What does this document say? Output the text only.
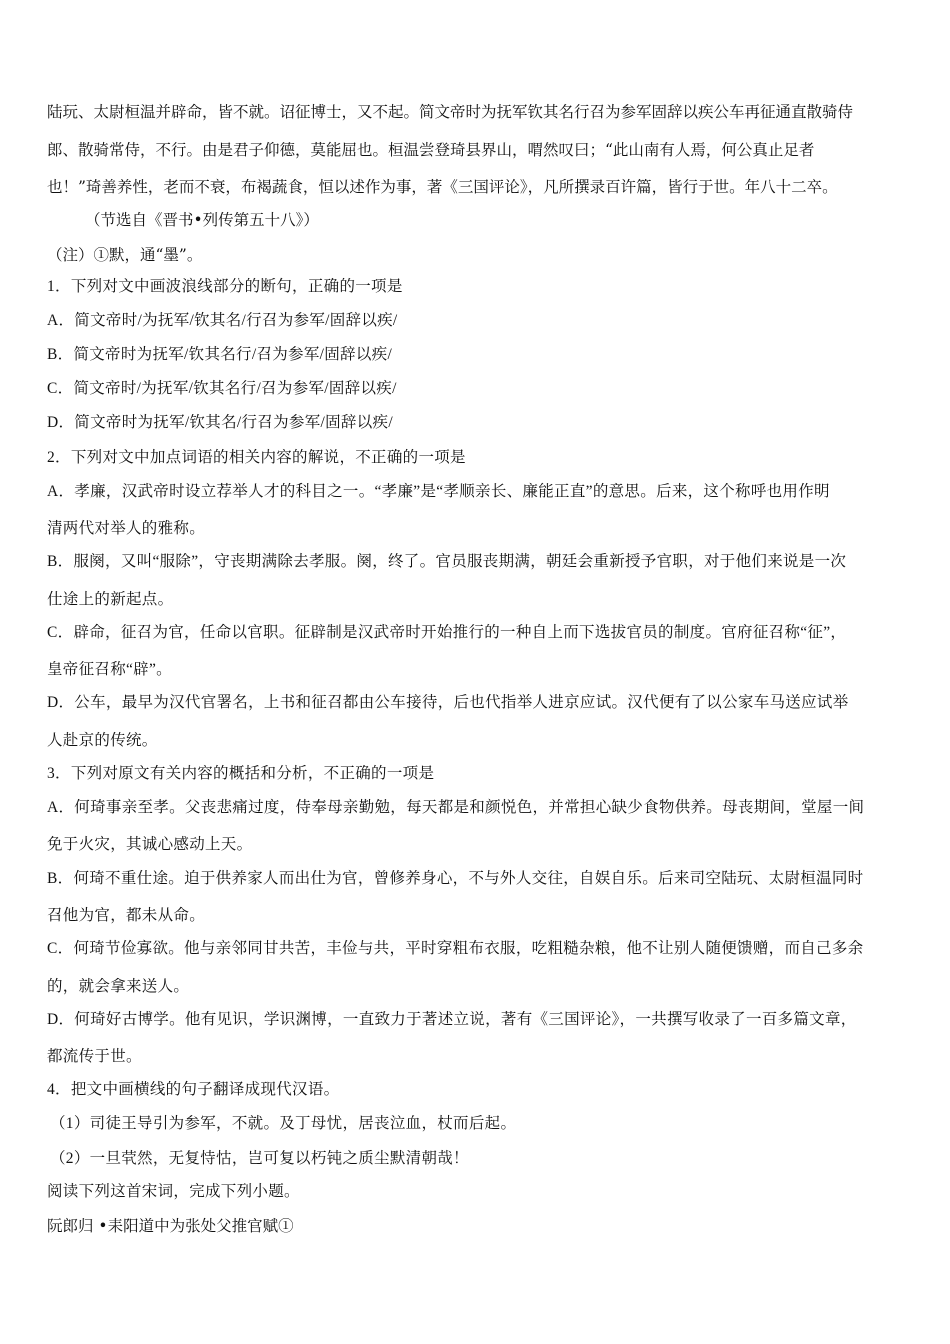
陆玩、太尉桓温并辟命，皆不就。诏征博士，又不起。简文帝时为抚军钦其名行召为参军固辞以疾公车再征通直散骑侍
郎、散骑常侍，不行。由是君子仰德，莫能屈也。桓温尝登琦县界山，喟然叹曰；“此山南有人焉，何公真止足者
也！”琦善养性，老而不衰，布褐蔬食，恒以述作为事，著《三国评论》，凡所撰录百许篇，皆行于世。年八十二卒。
（节选自《晋书•列传第五十八》）
（注）①默，通“墨”。
1．下列对文中画波浪线部分的断句，正确的一项是
A．简文帝时/为抚军/钦其名/行召为参军/固辞以疾/
B．简文帝时为抚军/钦其名行/召为参军/固辞以疾/
C．简文帝时/为抚军/钦其名行/召为参军/固辞以疾/
D．简文帝时为抚军/钦其名/行召为参军/固辞以疾/
2．下列对文中加点词语的相关内容的解说，不正确的一项是
A．孝廉，汉武帝时设立荐举人才的科目之一。“孝廉”是“孝顺亲长、廉能正直”的意思。后来，这个称呼也用作明
清两代对举人的雅称。
B．服阕，又叫“服除”，守丧期满除去孝服。阕，终了。官员服丧期满，朝廷会重新授予官职，对于他们来说是一次
仕途上的新起点。
C．辟命，征召为官，任命以官职。征辟制是汉武帝时开始推行的一种自上而下选拔官员的制度。官府征召称“征”，
皇帝征召称“辟”。
D．公车，最早为汉代官署名，上书和征召都由公车接待，后也代指举人进京应试。汉代便有了以公家车马送应试举
人赴京的传统。
3．下列对原文有关内容的概括和分析，不正确的一项是
A．何琦事亲至孝。父丧悲痛过度，侍奉母亲勤勉，每天都是和颜悦色，并常担心缺少食物供养。母丧期间，堂屋一间
免于火灾，其诚心感动上天。
B．何琦不重仕途。迫于供养家人而出仕为官，曾修养身心，不与外人交往，自娱自乐。后来司空陆玩、太尉桓温同时
召他为官，都未从命。
C．何琦节俭寡欲。他与亲邻同甘共苦，丰俭与共，平时穿粗布衣服，吃粗糙杂粮，他不让别人随便馈赠，而自己多余
的，就会拿来送人。
D．何琦好古博学。他有见识，学识渊博，一直致力于著述立说，著有《三国评论》，一共撰写收录了一百多篇文章，
都流传于世。
4．把文中画横线的句子翻译成现代汉语。
（1）司徒王导引为参军，不就。及丁母忧，居丧泣血，杖而后起。
（2）一旦茕然，无复恃怙，岂可复以朽钝之质尘默清朝哉！
阅读下列这首宋词，完成下列小题。
阮郎归 •耒阳道中为张处父推官赋①
